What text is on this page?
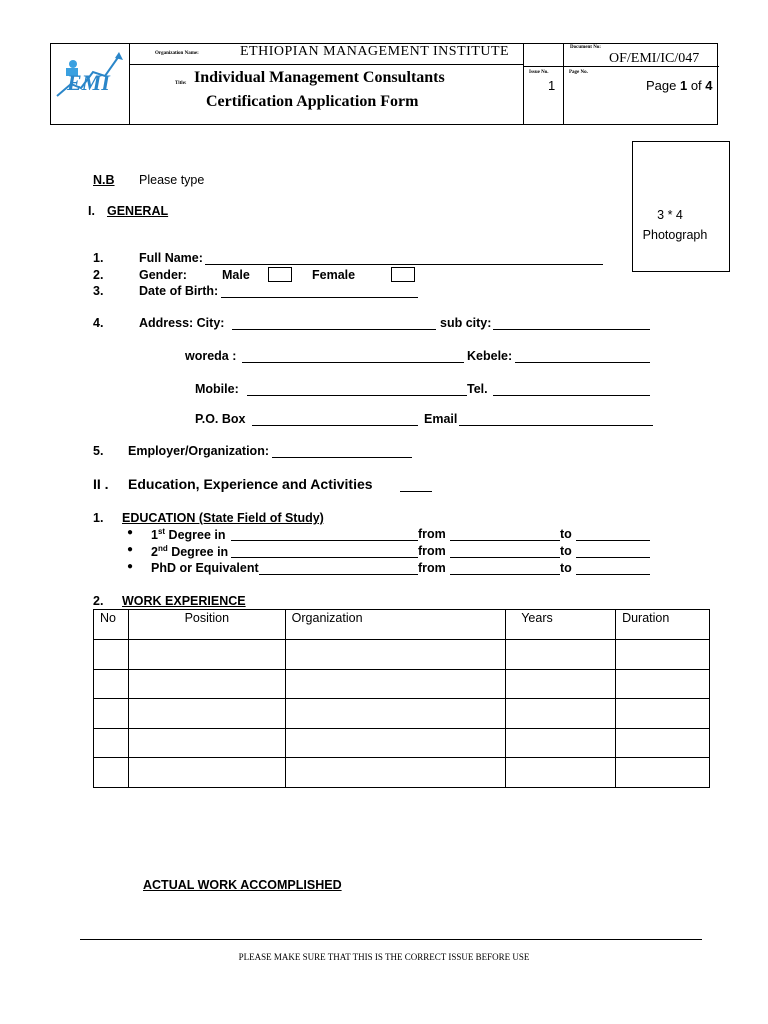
EMI
Organization Name:	ETHIOPIAN MANAGEMENT INSTITUTE
Title: Individual Management Consultants
Certification Application Form
Document No:
OF/EMI/IC/047
Issue No.
1
Page No.
Page 1 of 4
3 * 4
Photograph
N.B Please type
I. GENERAL
1.	Full Name:
2.	Gender:	Male	Female
3.	Date of Birth:
4.	Address: City:	sub city:
woreda :	Kebele:
Mobile:	Tel.
P.O. Box	Email
5. Employer/Organization:
II . Education, Experience and Activities
1. EDUCATION (State Field of Study)
● 1st Degree in	from	to
● 2nd Degree in	from	to
● PhD or Equivalent	from	to
2. WORK EXPERIENCE
No	Position	Organization	Years	Duration

ACTUAL WORK ACCOMPLISHED
PLEASE MAKE SURE THAT THIS IS THE CORRECT ISSUE BEFORE USE
